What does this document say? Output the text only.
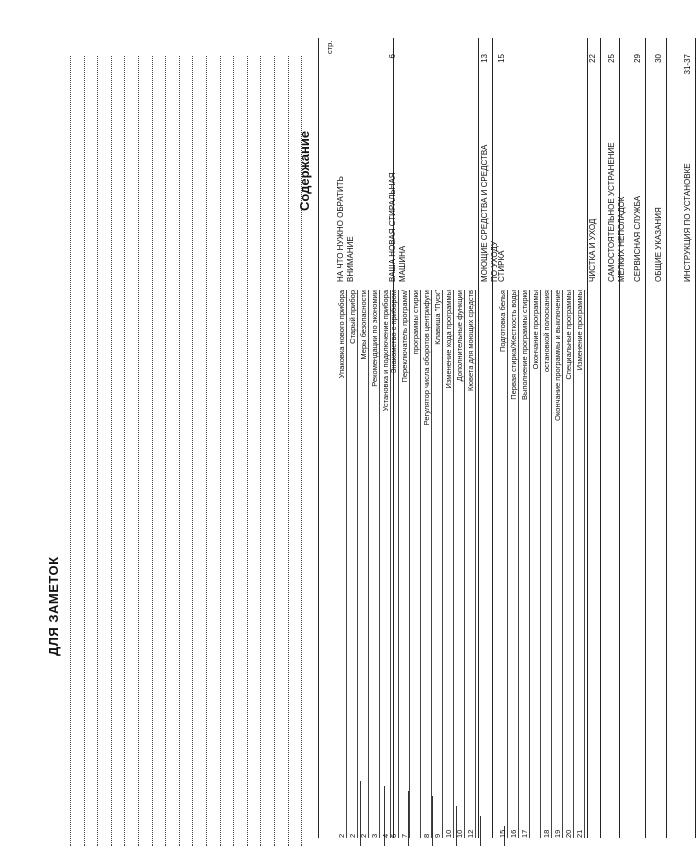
ДЛЯ ЗАМЕТОК
Содержание
стр.
НА ЧТО НУЖНО ОБРАТИТЬ ВНИМАНИЕ
2
Упаковка нового прибора
2
Старый прибор
2
Меры безопасности
3
Рекомендации по экономии
4
Установка и подключение прибора
ВАША НОВАЯ СТИРАЛЬНАЯ МАШИНА
6
6
Знакомство с прибором
7
Переключатель программ/ программы стирки
8
Регулятор числа оборотов центрифуги
9
Клавиша "Пуск"
10
Изменение хода программы
10
Дополнительные функции
12
Кювета для моющих средств
МОЮЩИЕ СРЕДСТВА И СРЕДСТВА ПО УХОДУ
13
СТИРКА
15
15
Подготовка белья
16
Первая стирка/Жесткость воды
17
Выполнение программы стирки Окончание программы
18
остановкой полоскания
19
Окончание программы и выключение
20
Специальные программы
21
Изменение программы
ЧИСТКА И УХОД
22
САМОСТОЯТЕЛЬНОЕ УСТРАНЕНИЕ МЕЛКИХ НЕПОЛАДОК
25
СЕРВИСНАЯ СЛУЖБА
29
ОБЩИЕ УКАЗАНИЯ
30
ИНСТРУКЦИЯ ПО УСТАНОВКЕ
31-37
